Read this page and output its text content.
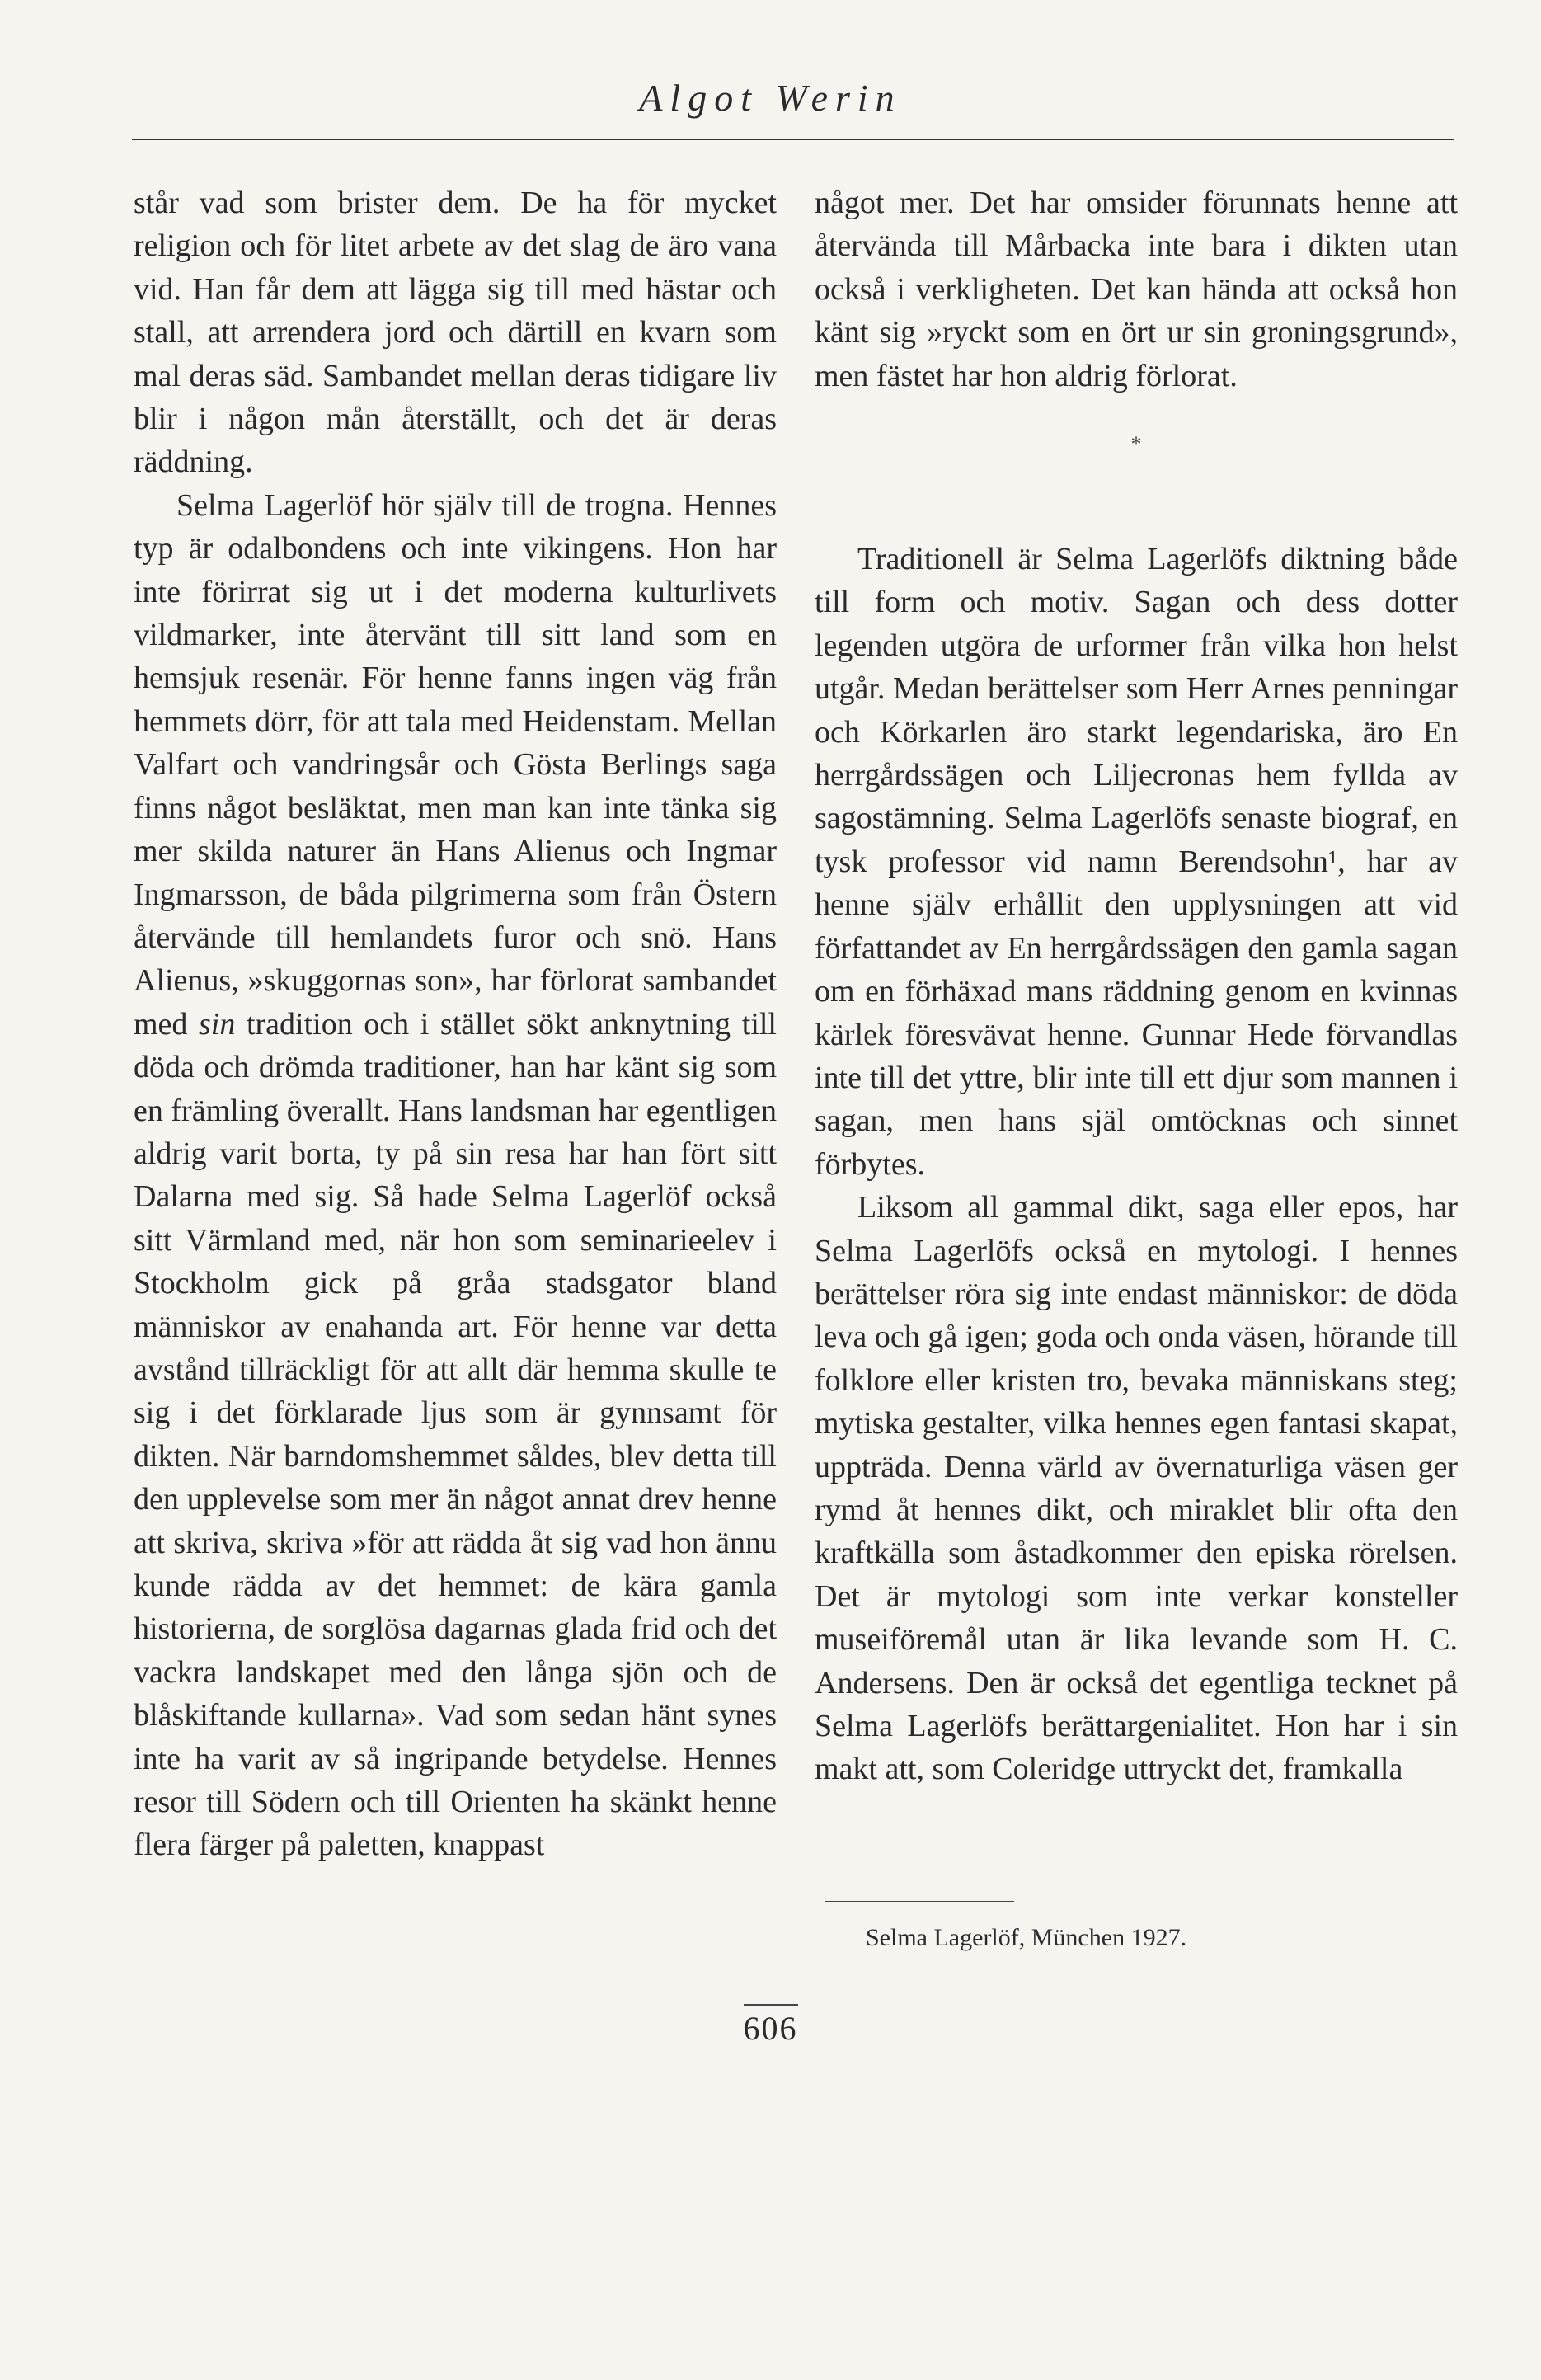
Algot Werin

står vad som brister dem. De ha för mycket religion och för litet arbete av det slag de äro vana vid. Han får dem att lägga sig till med hästar och stall, att arrendera jord och därtill en kvarn som mal deras säd. Sambandet mellan deras tidigare liv blir i någon mån återställt, och det är deras räddning.

Selma Lagerlöf hör själv till de trogna. Hennes typ är odalbondens och inte vikingens. Hon har inte förirrat sig ut i det moderna kulturlivets vildmarker, inte återvänt till sitt land som en hemsjuk resenär. För henne fanns ingen väg från hemmets dörr, för att tala med Heidenstam. Mellan Valfart och vandringsår och Gösta Berlings saga finns något besläktat, men man kan inte tänka sig mer skilda naturer än Hans Alienus och Ingmar Ingmarsson, de båda pilgrimerna som från Östern återvände till hemlandets furor och snö. Hans Alienus, »skuggornas son», har förlorat sambandet med sin tradition och i stället sökt anknytning till döda och drömda traditioner, han har känt sig som en främling överallt. Hans landsman har egentligen aldrig varit borta, ty på sin resa har han fört sitt Dalarna med sig. Så hade Selma Lagerlöf också sitt Värmland med, när hon som seminarieelev i Stockholm gick på gråa stadsgator bland människor av enahanda art. För henne var detta avstånd tillräckligt för att allt där hemma skulle te sig i det förklarade ljus som är gynnsamt för dikten. När barndomshemmet såldes, blev detta till den upplevelse som mer än något annat drev henne att skriva, skriva »för att rädda åt sig vad hon ännu kunde rädda av det hemmet: de kära gamla historierna, de sorglösa dagarnas glada frid och det vackra landskapet med den långa sjön och de blåskiftande kullarna». Vad som sedan hänt synes inte ha varit av så ingripande betydelse. Hennes resor till Södern och till Orienten ha skänkt henne flera färger på paletten, knappast

något mer. Det har omsider förunnats henne att återvända till Mårbacka inte bara i dikten utan också i verkligheten. Det kan hända att också hon känt sig »ryckt som en ört ur sin groningsgrund», men fästet har hon aldrig förlorat.

*

Traditionell är Selma Lagerlöfs diktning både till form och motiv. Sagan och dess dotter legenden utgöra de urformer från vilka hon helst utgår. Medan berättelser som Herr Arnes penningar och Körkarlen äro starkt legendariska, äro En herrgårdssägen och Liljecronas hem fyllda av sagostämning. Selma Lagerlöfs senaste biograf, en tysk professor vid namn Berendsohn¹, har av henne själv erhållit den upplysningen att vid författandet av En herrgårdssägen den gamla sagan om en förhäxad mans räddning genom en kvinnas kärlek föresvävat henne. Gunnar Hede förvandlas inte till det yttre, blir inte till ett djur som mannen i sagan, men hans själ omtöcknas och sinnet förbytes.

Liksom all gammal dikt, saga eller epos, har Selma Lagerlöfs också en mytologi. I hennes berättelser röra sig inte endast människor: de döda leva och gå igen; goda och onda väsen, hörande till folklore eller kristen tro, bevaka människans steg; mytiska gestalter, vilka hennes egen fantasi skapat, uppträda. Denna värld av övernaturliga väsen ger rymd åt hennes dikt, och miraklet blir ofta den kraftkälla som åstadkommer den episka rörelsen. Det är mytologi som inte verkar konsteller museiföremål utan är lika levande som H. C. Andersens. Den är också det egentliga tecknet på Selma Lagerlöfs berättargenialitet. Hon har i sin makt att, som Coleridge uttryckt det, framkalla

Selma Lagerlöf, München 1927.
606
